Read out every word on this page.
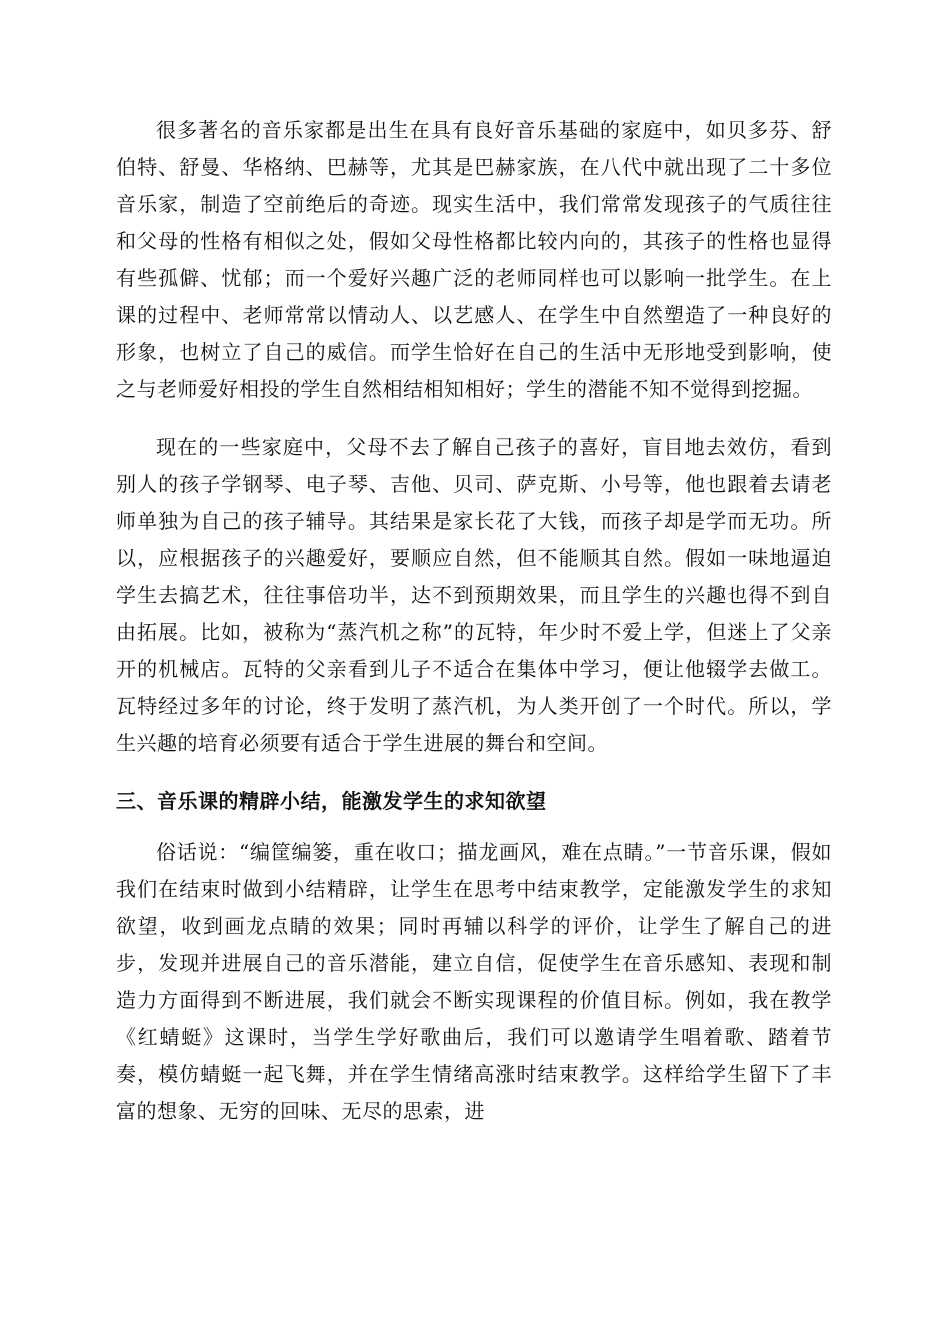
很多著名的音乐家都是出生在具有良好音乐基础的家庭中，如贝多芬、舒伯特、舒曼、华格纳、巴赫等，尤其是巴赫家族，在八代中就出现了二十多位音乐家，制造了空前绝后的奇迹。现实生活中，我们常常发现孩子的气质往往和父母的性格有相似之处，假如父母性格都比较内向的，其孩子的性格也显得有些孤僻、忧郁；而一个爱好兴趣广泛的老师同样也可以影响一批学生。在上课的过程中、老师常常以情动人、以艺感人、在学生中自然塑造了一种良好的形象，也树立了自己的威信。而学生恰好在自己的生活中无形地受到影响，使之与老师爱好相投的学生自然相结相知相好；学生的潜能不知不觉得到挖掘。

现在的一些家庭中，父母不去了解自己孩子的喜好，盲目地去效仿，看到别人的孩子学钢琴、电子琴、吉他、贝司、萨克斯、小号等，他也跟着去请老师单独为自己的孩子辅导。其结果是家长花了大钱，而孩子却是学而无功。所以，应根据孩子的兴趣爱好，要顺应自然，但不能顺其自然。假如一味地逼迫学生去搞艺术，往往事倍功半，达不到预期效果，而且学生的兴趣也得不到自由拓展。比如，被称为“蒸汽机之称”的瓦特，年少时不爱上学，但迷上了父亲开的机械店。瓦特的父亲看到儿子不适合在集体中学习，便让他辍学去做工。瓦特经过多年的讨论，终于发明了蒸汽机，为人类开创了一个时代。所以，学生兴趣的培育必须要有适合于学生进展的舞台和空间。

三、音乐课的精辟小结，能激发学生的求知欲望

俗话说：“编筐编篓，重在收口；描龙画风，难在点睛。”一节音乐课，假如我们在结束时做到小结精辟，让学生在思考中结束教学，定能激发学生的求知欲望，收到画龙点睛的效果；同时再辅以科学的评价，让学生了解自己的进步，发现并进展自己的音乐潜能，建立自信，促使学生在音乐感知、表现和制造力方面得到不断进展，我们就会不断实现课程的价值目标。例如，我在教学《红蜻蜓》这课时，当学生学好歌曲后，我们可以邀请学生唱着歌、踏着节奏，模仿蜻蜓一起飞舞，并在学生情绪高涨时结束教学。这样给学生留下了丰富的想象、无穷的回味、无尽的思索，进
